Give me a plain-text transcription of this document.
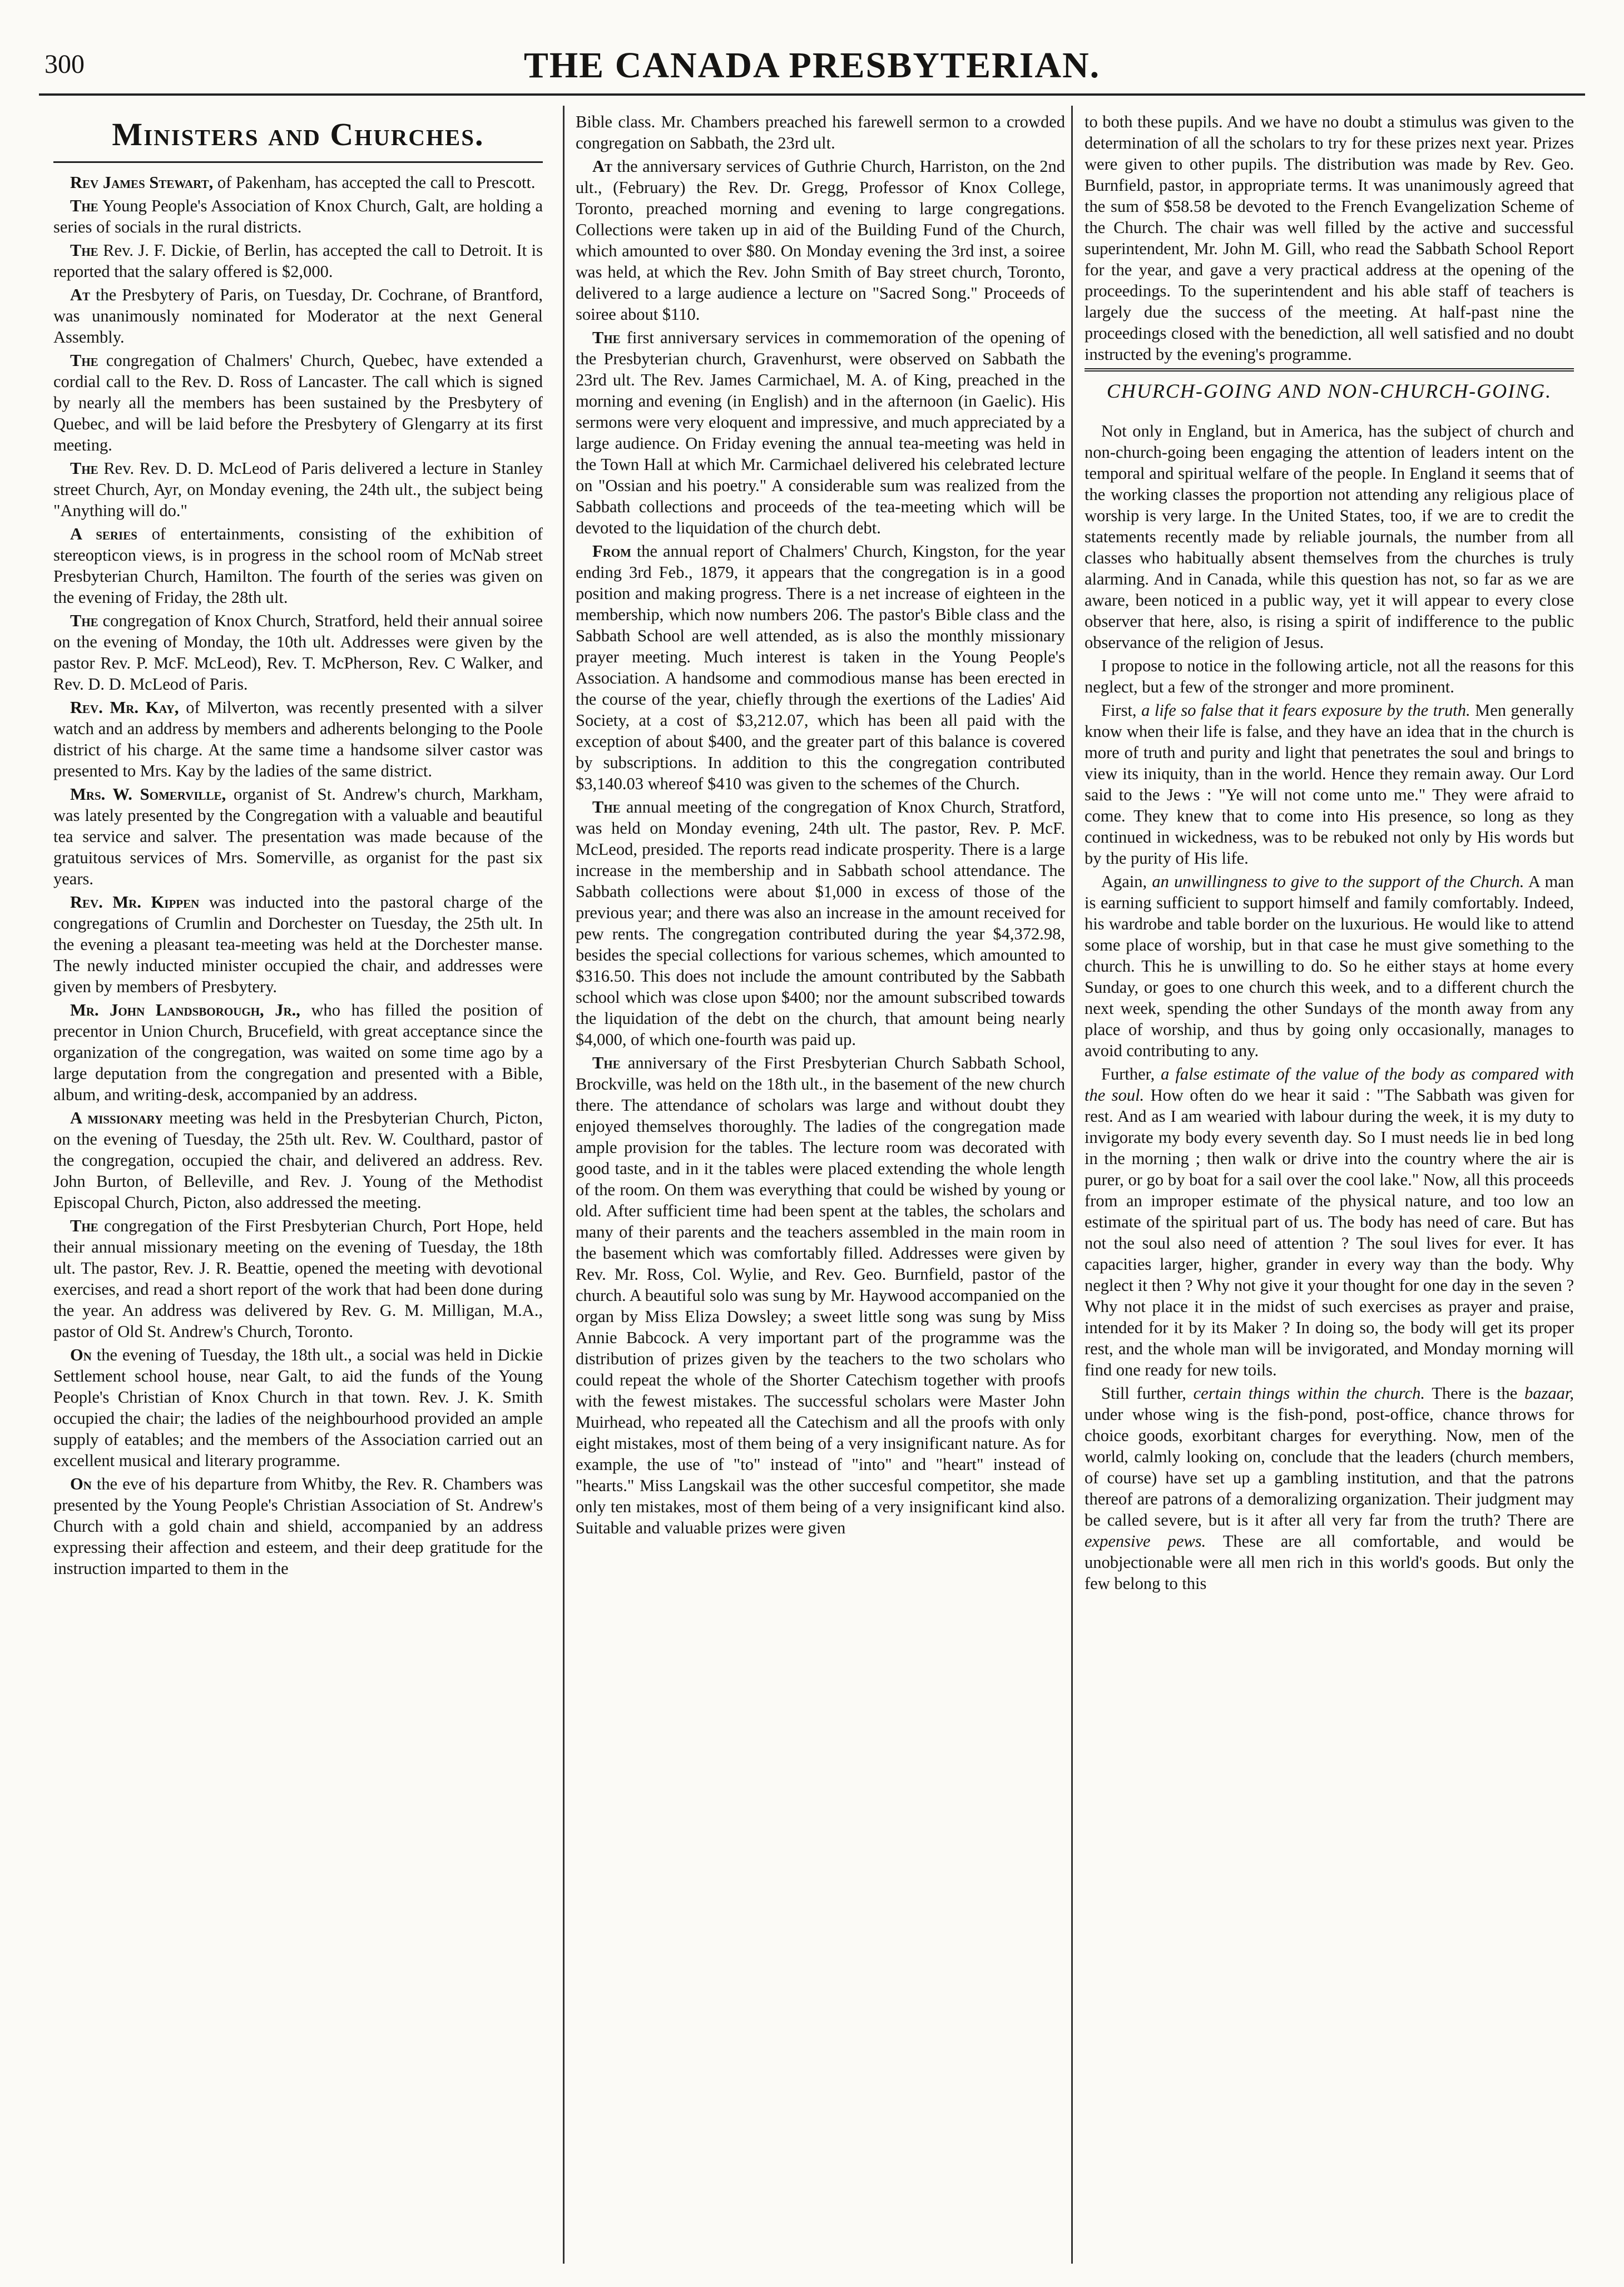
300	THE CANADA PRESBYTERIAN.
Ministers and Churches.

Rev James Stewart, of Pakenham, has accepted the call to Prescott.

The Young People's Association of Knox Church, Galt, are holding a series of socials in the rural districts.

The Rev. J. F. Dickie, of Berlin, has accepted the call to Detroit. It is reported that the salary offered is $2,000.

At the Presbytery of Paris, on Tuesday, Dr. Cochrane, of Brantford, was unanimously nominated for Moderator at the next General Assembly.

The congregation of Chalmers' Church, Quebec, have extended a cordial call to the Rev. D. Ross of Lancaster. The call which is signed by nearly all the members has been sustained by the Presbytery of Quebec, and will be laid before the Presbytery of Glengarry at its first meeting.

The Rev. Rev. D. D. McLeod of Paris delivered a lecture in Stanley street Church, Ayr, on Monday evening, the 24th ult., the subject being "Anything will do."

A series of entertainments, consisting of the exhibition of stereopticon views, is in progress in the school room of McNab street Presbyterian Church, Hamilton. The fourth of the series was given on the evening of Friday, the 28th ult.

The congregation of Knox Church, Stratford, held their annual soiree on the evening of Monday, the 10th ult. Addresses were given by the pastor Rev. P. McF. McLeod), Rev. T. McPherson, Rev. C Walker, and Rev. D. D. McLeod of Paris.

Rev. Mr. Kay, of Milverton, was recently presented with a silver watch and an address by members and adherents belonging to the Poole district of his charge. At the same time a handsome silver castor was presented to Mrs. Kay by the ladies of the same district.

Mrs. W. Somerville, organist of St. Andrew's church, Markham, was lately presented by the Congregation with a valuable and beautiful tea service and salver. The presentation was made because of the gratuitous services of Mrs. Somerville, as organist for the past six years.

Rev. Mr. Kippen was inducted into the pastoral charge of the congregations of Crumlin and Dorchester on Tuesday, the 25th ult. In the evening a pleasant tea-meeting was held at the Dorchester manse. The newly inducted minister occupied the chair, and addresses were given by members of Presbytery.

Mr. John Landsborough, Jr., who has filled the position of precentor in Union Church, Brucefield, with great acceptance since the organization of the congregation, was waited on some time ago by a large deputation from the congregation and presented with a Bible, album, and writing-desk, accompanied by an address.

A missionary meeting was held in the Presbyterian Church, Picton, on the evening of Tuesday, the 25th ult. Rev. W. Coulthard, pastor of the congregation, occupied the chair, and delivered an address. Rev. John Burton, of Belleville, and Rev. J. Young of the Methodist Episcopal Church, Picton, also addressed the meeting.

The congregation of the First Presbyterian Church, Port Hope, held their annual missionary meeting on the evening of Tuesday, the 18th ult. The pastor, Rev. J. R. Beattie, opened the meeting with devotional exercises, and read a short report of the work that had been done during the year. An address was delivered by Rev. G. M. Milligan, M.A., pastor of Old St. Andrew's Church, Toronto.

On the evening of Tuesday, the 18th ult., a social was held in Dickie Settlement school house, near Galt, to aid the funds of the Young People's Christian of Knox Church in that town. Rev. J. K. Smith occupied the chair; the ladies of the neighbourhood provided an ample supply of eatables; and the members of the Association carried out an excellent musical and literary programme.

On the eve of his departure from Whitby, the Rev. R. Chambers was presented by the Young People's Christian Association of St. Andrew's Church with a gold chain and shield, accompanied by an address expressing their affection and esteem, and their deep gratitude for the instruction imparted to them in the

Bible class. Mr. Chambers preached his farewell sermon to a crowded congregation on Sabbath, the 23rd ult.

At the anniversary services of Guthrie Church, Harriston, on the 2nd ult., (February) the Rev. Dr. Gregg, Professor of Knox College, Toronto, preached morning and evening to large congregations. Collections were taken up in aid of the Building Fund of the Church, which amounted to over $80. On Monday evening the 3rd inst, a soiree was held, at which the Rev. John Smith of Bay street church, Toronto, delivered to a large audience a lecture on "Sacred Song." Proceeds of soiree about $110.

The first anniversary services in commemoration of the opening of the Presbyterian church, Gravenhurst, were observed on Sabbath the 23rd ult. The Rev. James Carmichael, M. A. of King, preached in the morning and evening (in English) and in the afternoon (in Gaelic). His sermons were very eloquent and impressive, and much appreciated by a large audience. On Friday evening the annual tea-meeting was held in the Town Hall at which Mr. Carmichael delivered his celebrated lecture on "Ossian and his poetry." A considerable sum was realized from the Sabbath collections and proceeds of the tea-meeting which will be devoted to the liquidation of the church debt.

From the annual report of Chalmers' Church, Kingston, for the year ending 3rd Feb., 1879, it appears that the congregation is in a good position and making progress. There is a net increase of eighteen in the membership, which now numbers 206. The pastor's Bible class and the Sabbath School are well attended, as is also the monthly missionary prayer meeting. Much interest is taken in the Young People's Association. A handsome and commodious manse has been erected in the course of the year, chiefly through the exertions of the Ladies' Aid Society, at a cost of $3,212.07, which has been all paid with the exception of about $400, and the greater part of this balance is covered by subscriptions. In addition to this the congregation contributed $3,140.03 whereof $410 was given to the schemes of the Church.

The annual meeting of the congregation of Knox Church, Stratford, was held on Monday evening, 24th ult. The pastor, Rev. P. McF. McLeod, presided. The reports read indicate prosperity. There is a large increase in the membership and in Sabbath school attendance. The Sabbath collections were about $1,000 in excess of those of the previous year; and there was also an increase in the amount received for pew rents. The congregation contributed during the year $4,372.98, besides the special collections for various schemes, which amounted to $316.50. This does not include the amount contributed by the Sabbath school which was close upon $400; nor the amount subscribed towards the liquidation of the debt on the church, that amount being nearly $4,000, of which one-fourth was paid up.

The anniversary of the First Presbyterian Church Sabbath School, Brockville, was held on the 18th ult., in the basement of the new church there. The attendance of scholars was large and without doubt they enjoyed themselves thoroughly. The ladies of the congregation made ample provision for the tables. The lecture room was decorated with good taste, and in it the tables were placed extending the whole length of the room. On them was everything that could be wished by young or old. After sufficient time had been spent at the tables, the scholars and many of their parents and the teachers assembled in the main room in the basement which was comfortably filled. Addresses were given by Rev. Mr. Ross, Col. Wylie, and Rev. Geo. Burnfield, pastor of the church. A beautiful solo was sung by Mr. Haywood accompanied on the organ by Miss Eliza Dowsley; a sweet little song was sung by Miss Annie Babcock. A very important part of the programme was the distribution of prizes given by the teachers to the two scholars who could repeat the whole of the Shorter Catechism together with proofs with the fewest mistakes. The successful scholars were Master John Muirhead, who repeated all the Catechism and all the proofs with only eight mistakes, most of them being of a very insignificant nature. As for example, the use of "to" instead of "into" and "heart" instead of "hearts." Miss Langskail was the other succesful competitor, she made only ten mistakes, most of them being of a very insignificant kind also. Suitable and valuable prizes were given

to both these pupils. And we have no doubt a stimulus was given to the determination of all the scholars to try for these prizes next year. Prizes were given to other pupils. The distribution was made by Rev. Geo. Burnfield, pastor, in appropriate terms. It was unanimously agreed that the sum of $58.58 be devoted to the French Evangelization Scheme of the Church. The chair was well filled by the active and successful superintendent, Mr. John M. Gill, who read the Sabbath School Report for the year, and gave a very practical address at the opening of the proceedings. To the superintendent and his able staff of teachers is largely due the success of the meeting. At half-past nine the proceedings closed with the benediction, all well satisfied and no doubt instructed by the evening's programme.

CHURCH-GOING AND NON-CHURCH-GOING.

Not only in England, but in America, has the subject of church and non-church-going been engaging the attention of leaders intent on the temporal and spiritual welfare of the people. In England it seems that of the working classes the proportion not attending any religious place of worship is very large. In the United States, too, if we are to credit the statements recently made by reliable journals, the number from all classes who habitually absent themselves from the churches is truly alarming. And in Canada, while this question has not, so far as we are aware, been noticed in a public way, yet it will appear to every close observer that here, also, is rising a spirit of indifference to the public observance of the religion of Jesus.

I propose to notice in the following article, not all the reasons for this neglect, but a few of the stronger and more prominent.

First, a life so false that it fears exposure by the truth. Men generally know when their life is false, and they have an idea that in the church is more of truth and purity and light that penetrates the soul and brings to view its iniquity, than in the world. Hence they remain away. Our Lord said to the Jews : "Ye will not come unto me." They were afraid to come. They knew that to come into His presence, so long as they continued in wickedness, was to be rebuked not only by His words but by the purity of His life.

Again, an unwillingness to give to the support of the Church. A man is earning sufficient to support himself and family comfortably. Indeed, his wardrobe and table border on the luxurious. He would like to attend some place of worship, but in that case he must give something to the church. This he is unwilling to do. So he either stays at home every Sunday, or goes to one church this week, and to a different church the next week, spending the other Sundays of the month away from any place of worship, and thus by going only occasionally, manages to avoid contributing to any.

Further, a false estimate of the value of the body as compared with the soul. How often do we hear it said : "The Sabbath was given for rest. And as I am wearied with labour during the week, it is my duty to invigorate my body every seventh day. So I must needs lie in bed long in the morning ; then walk or drive into the country where the air is purer, or go by boat for a sail over the cool lake." Now, all this proceeds from an improper estimate of the physical nature, and too low an estimate of the spiritual part of us. The body has need of care. But has not the soul also need of attention ? The soul lives for ever. It has capacities larger, higher, grander in every way than the body. Why neglect it then ? Why not give it your thought for one day in the seven ? Why not place it in the midst of such exercises as prayer and praise, intended for it by its Maker ? In doing so, the body will get its proper rest, and the whole man will be invigorated, and Monday morning will find one ready for new toils.

Still further, certain things within the church. There is the bazaar, under whose wing is the fish-pond, post-office, chance throws for choice goods, exorbitant charges for everything. Now, men of the world, calmly looking on, conclude that the leaders (church members, of course) have set up a gambling institution, and that the patrons thereof are patrons of a demoralizing organization. Their judgment may be called severe, but is it after all very far from the truth? There are expensive pews. These are all comfortable, and would be unobjectionable were all men rich in this world's goods. But only the few belong to this
